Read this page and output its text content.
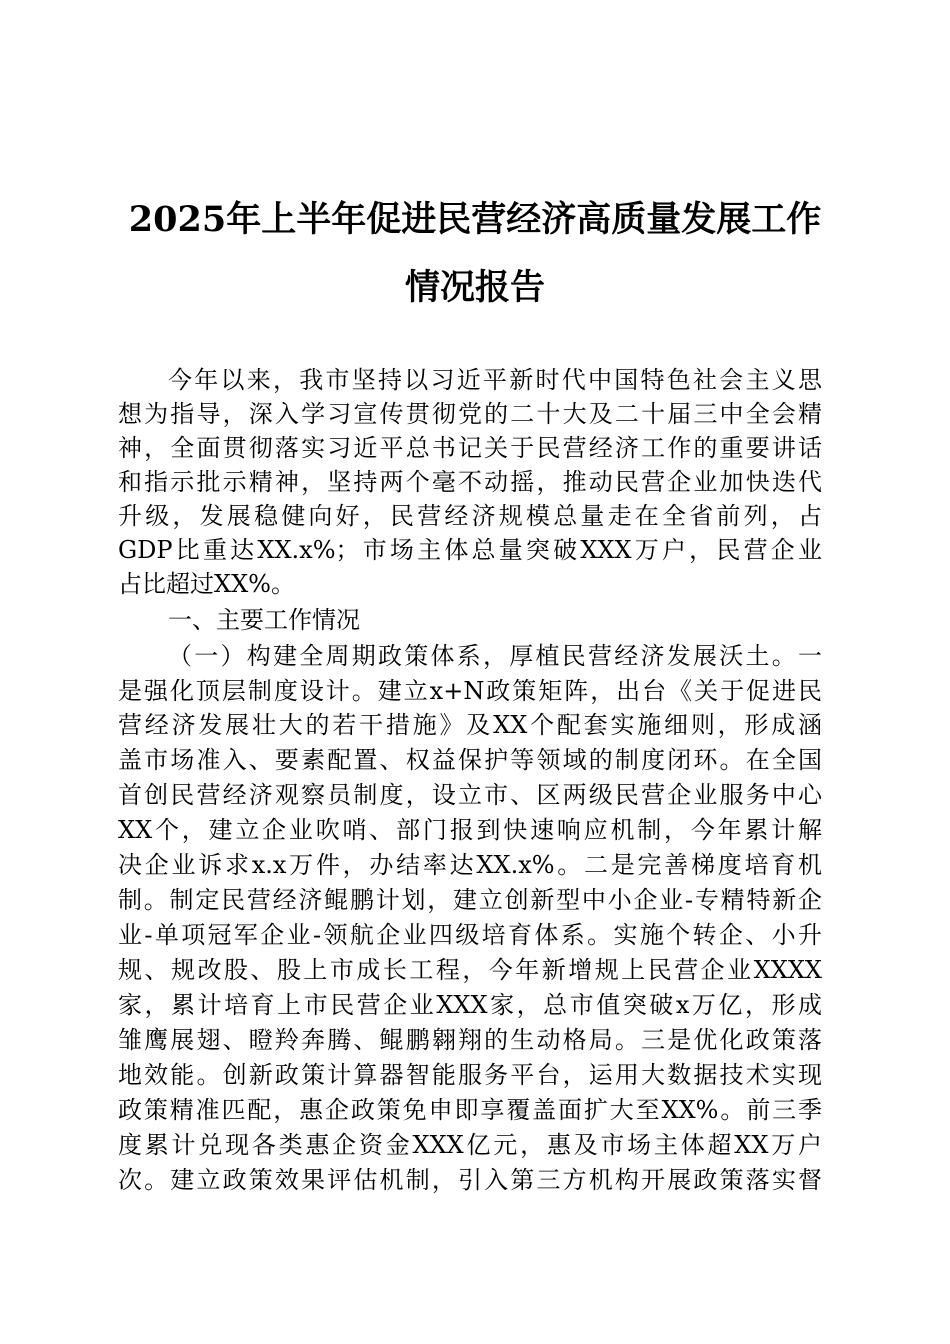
2025年上半年促进民营经济高质量发展工作
情况报告
今年以来，我市坚持以习近平新时代中国特色社会主义思
想为指导，深入学习宣传贯彻党的二十大及二十届三中全会精
神，全面贯彻落实习近平总书记关于民营经济工作的重要讲话
和指示批示精神，坚持两个毫不动摇，推动民营企业加快迭代
升级，发展稳健向好，民营经济规模总量走在全省前列，占
GDP比重达XX.x%；市场主体总量突破XXX万户，民营企业
占比超过XX%。
一、主要工作情况
（一）构建全周期政策体系，厚植民营经济发展沃土。一
是强化顶层制度设计。建立x+N政策矩阵，出台《关于促进民
营经济发展壮大的若干措施》及XX个配套实施细则，形成涵
盖市场准入、要素配置、权益保护等领域的制度闭环。在全国
首创民营经济观察员制度，设立市、区两级民营企业服务中心
XX个，建立企业吹哨、部门报到快速响应机制，今年累计解
决企业诉求x.x万件，办结率达XX.x%。二是完善梯度培育机
制。制定民营经济鲲鹏计划，建立创新型中小企业-专精特新企
业-单项冠军企业-领航企业四级培育体系。实施个转企、小升
规、规改股、股上市成长工程，今年新增规上民营企业XXXX
家，累计培育上市民营企业XXX家，总市值突破x万亿，形成
雏鹰展翅、瞪羚奔腾、鲲鹏翱翔的生动格局。三是优化政策落
地效能。创新政策计算器智能服务平台，运用大数据技术实现
政策精准匹配，惠企政策免申即享覆盖面扩大至XX%。前三季
度累计兑现各类惠企资金XXX亿元，惠及市场主体超XX万户
次。建立政策效果评估机制，引入第三方机构开展政策落实督
